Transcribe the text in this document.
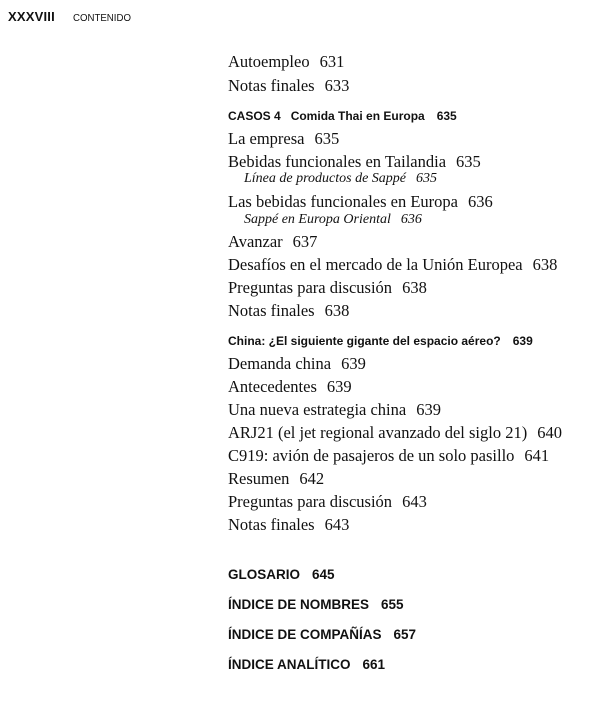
XXXVIII CONTENIDO
Autoempleo 631
Notas finales 633
CASOS 4 Comida Thai en Europa 635
La empresa 635
Bebidas funcionales en Tailandia 635
Línea de productos de Sappé 635
Las bebidas funcionales en Europa 636
Sappé en Europa Oriental 636
Avanzar 637
Desafíos en el mercado de la Unión Europea 638
Preguntas para discusión 638
Notas finales 638
China: ¿El siguiente gigante del espacio aéreo? 639
Demanda china 639
Antecedentes 639
Una nueva estrategia china 639
ARJ21 (el jet regional avanzado del siglo 21) 640
C919: avión de pasajeros de un solo pasillo 641
Resumen 642
Preguntas para discusión 643
Notas finales 643
GLOSARIO 645
ÍNDICE DE NOMBRES 655
ÍNDICE DE COMPAÑÍAS 657
ÍNDICE ANALÍTICO 661
